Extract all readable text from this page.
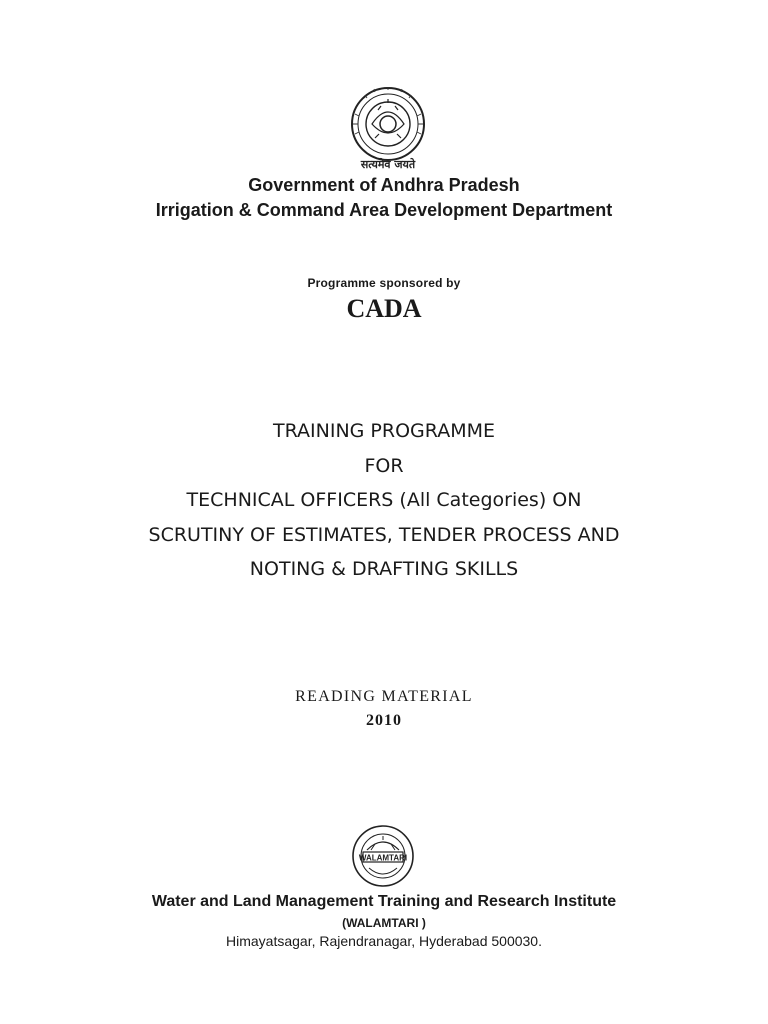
सत्यमेव जयते
Government of Andhra Pradesh
Irrigation & Command Area Development Department
Programme sponsored by
CADA
TRAINING PROGRAMME
FOR
TECHNICAL OFFICERS (All Categories) ON
SCRUTINY OF ESTIMATES, TENDER PROCESS AND
NOTING & DRAFTING SKILLS
READING MATERIAL
2010
WALAMTARI
Water and Land Management Training and Research Institute
(WALAMTARI )
Himayatsagar, Rajendranagar, Hyderabad 500030.
